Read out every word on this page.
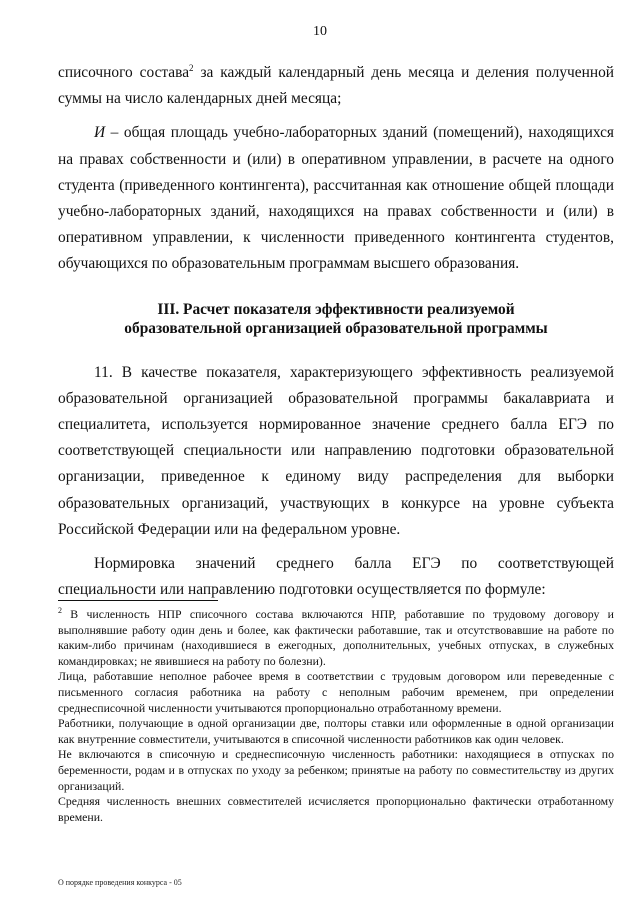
10

списочного состава$^2$ за каждый календарный день месяца и деления полученной суммы на число календарных дней месяца;

И – общая площадь учебно-лабораторных зданий (помещений), находящихся на правах собственности и (или) в оперативном управлении, в расчете на одного студента (приведенного контингента), рассчитанная как отношение общей площади учебно-лабораторных зданий, находящихся на правах собственности и (или) в оперативном управлении, к численности приведенного контингента студентов, обучающихся по образовательным программам высшего образования.

III. Расчет показателя эффективности реализуемой
образовательной организацией образовательной программы

11. В качестве показателя, характеризующего эффективность реализуемой образовательной организацией образовательной программы бакалавриата и специалитета, используется нормированное значение среднего балла ЕГЭ по соответствующей специальности или направлению подготовки образовательной организации, приведенное к единому виду распределения для выборки образовательных организаций, участвующих в конкурсе на уровне субъекта Российской Федерации или на федеральном уровне.

Нормировка значений среднего балла ЕГЭ по соответствующей специальности или направлению подготовки осуществляется по формуле:

$^2$ В численность НПР списочного состава включаются НПР, работавшие по трудовому договору и выполнявшие работу один день и более, как фактически работавшие, так и отсутствовавшие на работе по каким-либо причинам (находившиеся в ежегодных, дополнительных, учебных отпусках, в служебных командировках; не явившиеся на работу по болезни).

Лица, работавшие неполное рабочее время в соответствии с трудовым договором или переведенные с письменного согласия работника на работу с неполным рабочим временем, при определении среднесписочной численности учитываются пропорционально отработанному времени.

Работники, получающие в одной организации две, полторы ставки или оформленные в одной организации как внутренние совместители, учитываются в списочной численности работников как один человек.

Не включаются в списочную и среднесписочную численность работники: находящиеся в отпусках по беременности, родам и в отпусках по уходу за ребенком; принятые на работу по совместительству из других организаций.

Средняя численность внешних совместителей исчисляется пропорционально фактически отработанному времени.

О порядке проведения конкурса - 05
